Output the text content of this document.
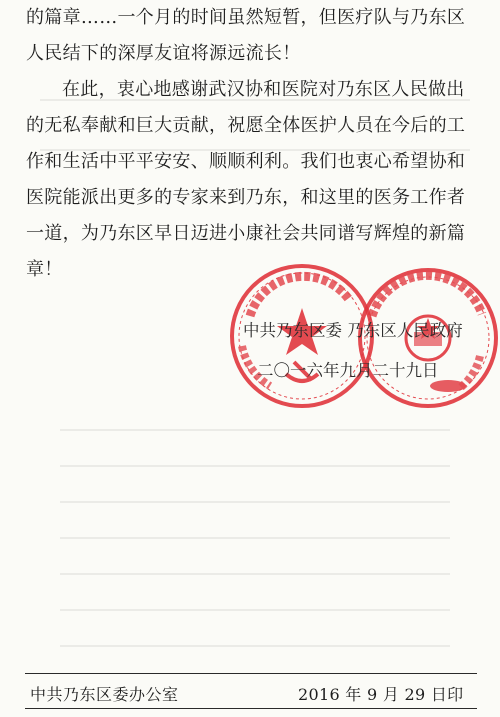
的篇章……一个月的时间虽然短暂，但医疗队与乃东区人民结下的深厚友谊将源远流长！

在此，衷心地感谢武汉协和医院对乃东区人民做出的无私奉献和巨大贡献，祝愿全体医护人员在今后的工作和生活中平平安安、顺顺利利。我们也衷心希望协和医院能派出更多的专家来到乃东，和这里的医务工作者一道，为乃东区早日迈进小康社会共同谱写辉煌的新篇章！

中共乃东区委 乃东区人民政府
二〇一六年九月二十九日
中共乃东区委办公室	2016 年 9 月 29 日印
